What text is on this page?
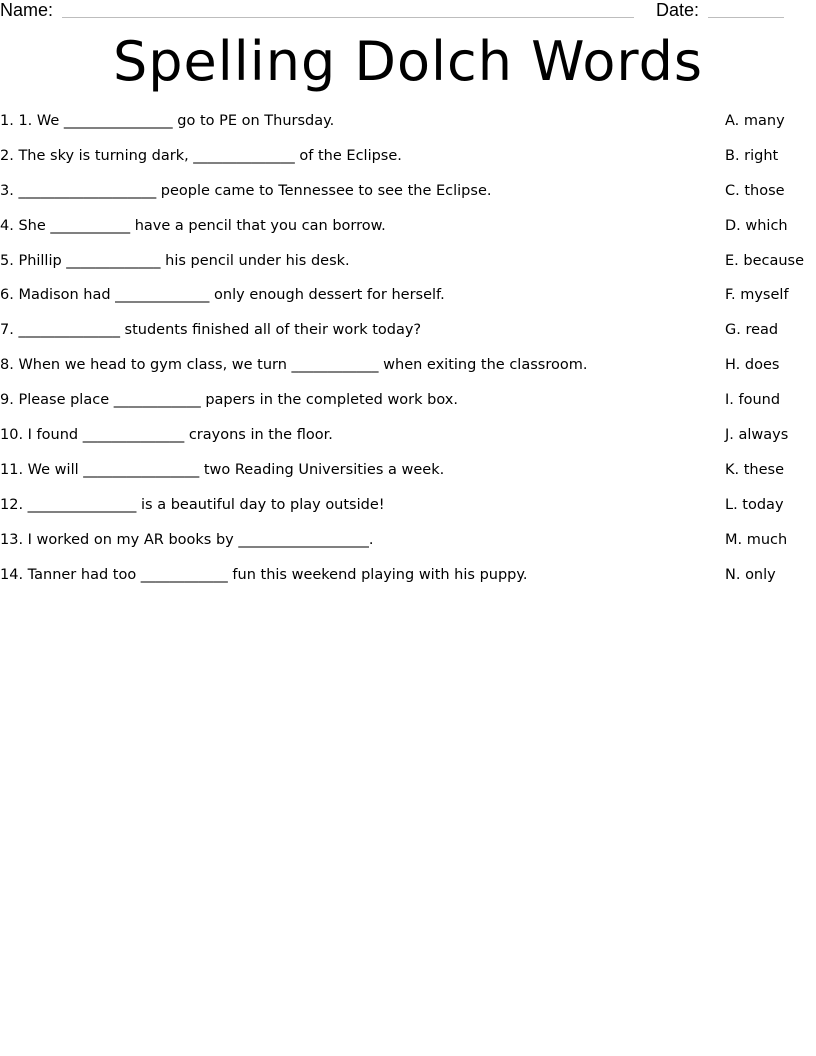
Name:	Date:
Spelling Dolch Words
1. 1. We _______________ go to PE on Thursday.
2. The sky is turning dark, ______________ of the Eclipse.
3. ___________________ people came to Tennessee to see the Eclipse.
4. She ___________ have a pencil that you can borrow.
5. Phillip _____________ his pencil under his desk.
6. Madison had _____________ only enough dessert for herself.
7. ______________ students finished all of their work today?
8. When we head to gym class, we turn ____________ when exiting the classroom.
9. Please place ____________ papers in the completed work box.
10. I found ______________ crayons in the floor.
11. We will ________________ two Reading Universities a week.
12. _______________ is a beautiful day to play outside!
13. I worked on my AR books by __________________.
14. Tanner had too ____________ fun this weekend playing with his puppy.
A. many
B. right
C. those
D. which
E. because
F. myself
G. read
H. does
I. found
J. always
K. these
L. today
M. much
N. only
